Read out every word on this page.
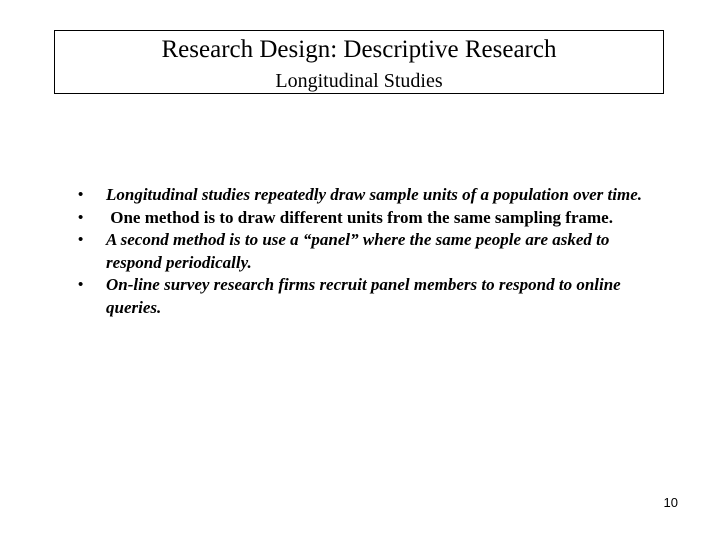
Research Design: Descriptive Research
Longitudinal Studies
•	Longitudinal studies repeatedly draw sample units of a population over time.
•	One method is to draw different units from the same sampling frame.
•	A second method is to use a “panel” where the same people are asked to respond periodically.
•	On-line survey research firms recruit panel members to respond to online queries.
10
